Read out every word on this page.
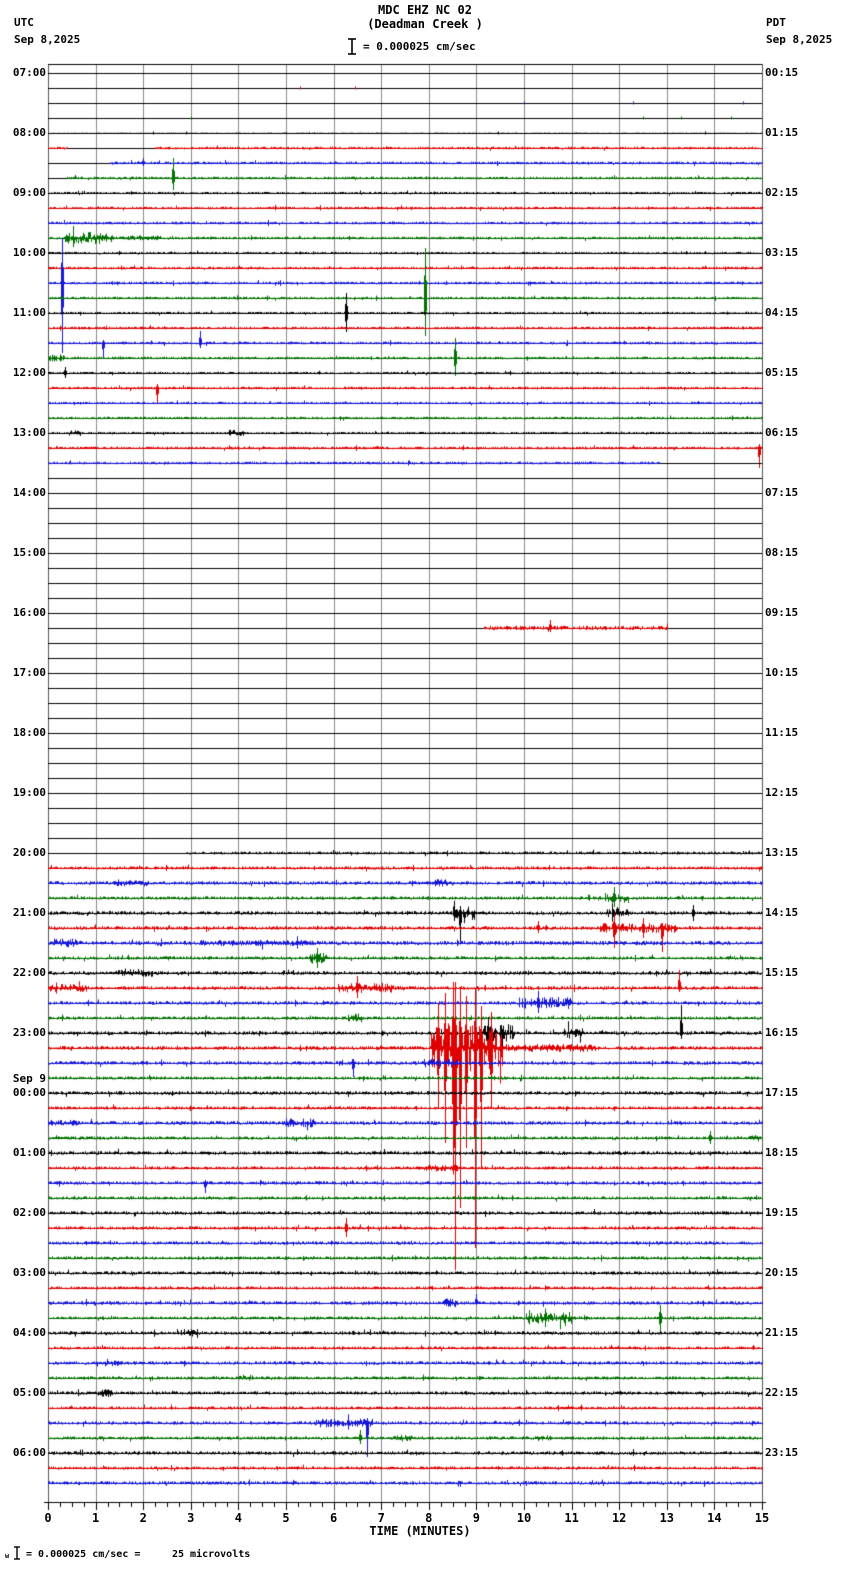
MDC EHZ NC 02
(Deadman Creek )
UTC
Sep 8,2025
PDT
Sep 8,2025
= 0.000025 cm/sec
07:00
08:00
09:00
10:00
11:00
12:00
13:00
14:00
15:00
16:00
17:00
18:00
19:00
20:00
21:00
22:00
23:00
00:00
Sep 9
01:00
02:00
03:00
04:00
05:00
06:00
00:15
01:15
02:15
03:15
04:15
05:15
06:15
07:15
08:15
09:15
10:15
11:15
12:15
13:15
14:15
15:15
16:15
17:15
18:15
19:15
20:15
21:15
22:15
23:15
0	1	2	3	4	5	6	7	8	9	10	11	12	13	14	15
TIME (MINUTES)
w = 0.000025 cm/sec =	25 microvolts
